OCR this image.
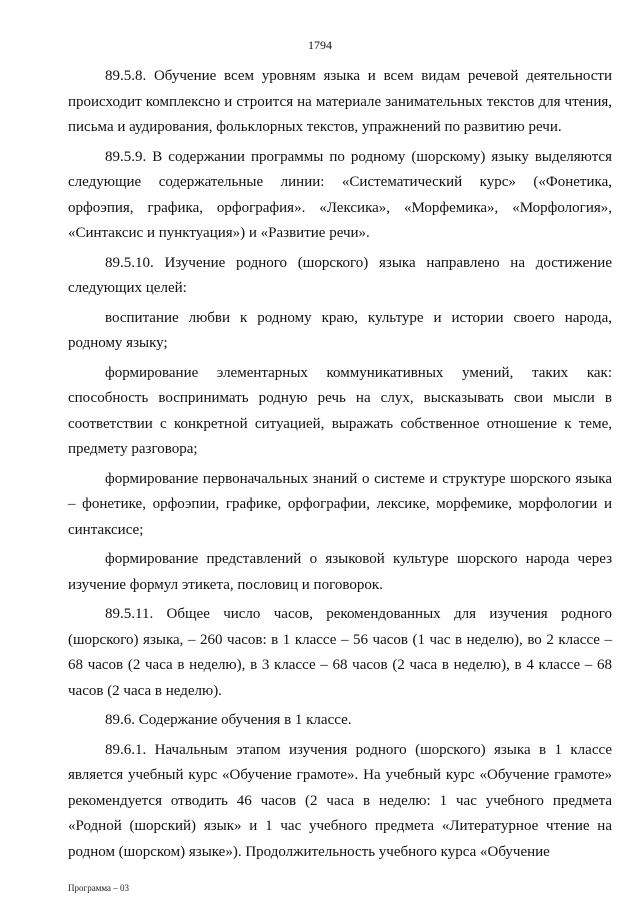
1794

89.5.8. Обучение всем уровням языка и всем видам речевой деятельности происходит комплексно и строится на материале занимательных текстов для чтения, письма и аудирования, фольклорных текстов, упражнений по развитию речи.

89.5.9. В содержании программы по родному (шорскому) языку выделяются следующие содержательные линии: «Систематический курс» («Фонетика, орфоэпия, графика, орфография». «Лексика», «Морфемика», «Морфология», «Синтаксис и пунктуация») и «Развитие речи».

89.5.10. Изучение родного (шорского) языка направлено на достижение следующих целей:

воспитание любви к родному краю, культуре и истории своего народа, родному языку;

формирование элементарных коммуникативных умений, таких как: способность воспринимать родную речь на слух, высказывать свои мысли в соответствии с конкретной ситуацией, выражать собственное отношение к теме, предмету разговора;

формирование первоначальных знаний о системе и структуре шорского языка – фонетике, орфоэпии, графике, орфографии, лексике, морфемике, морфологии и синтаксисе;

формирование представлений о языковой культуре шорского народа через изучение формул этикета, пословиц и поговорок.

89.5.11. Общее число часов, рекомендованных для изучения родного (шорского) языка, – 260 часов: в 1 классе – 56 часов (1 час в неделю), во 2 классе – 68 часов (2 часа в неделю), в 3 классе – 68 часов (2 часа в неделю), в 4 классе – 68 часов (2 часа в неделю).

89.6. Содержание обучения в 1 классе.

89.6.1. Начальным этапом изучения родного (шорского) языка в 1 классе является учебный курс «Обучение грамоте». На учебный курс «Обучение грамоте» рекомендуется отводить 46 часов (2 часа в неделю: 1 час учебного предмета «Родной (шорский) язык» и 1 час учебного предмета «Литературное чтение на родном (шорском) языке»). Продолжительность учебного курса «Обучение

Программа – 03
